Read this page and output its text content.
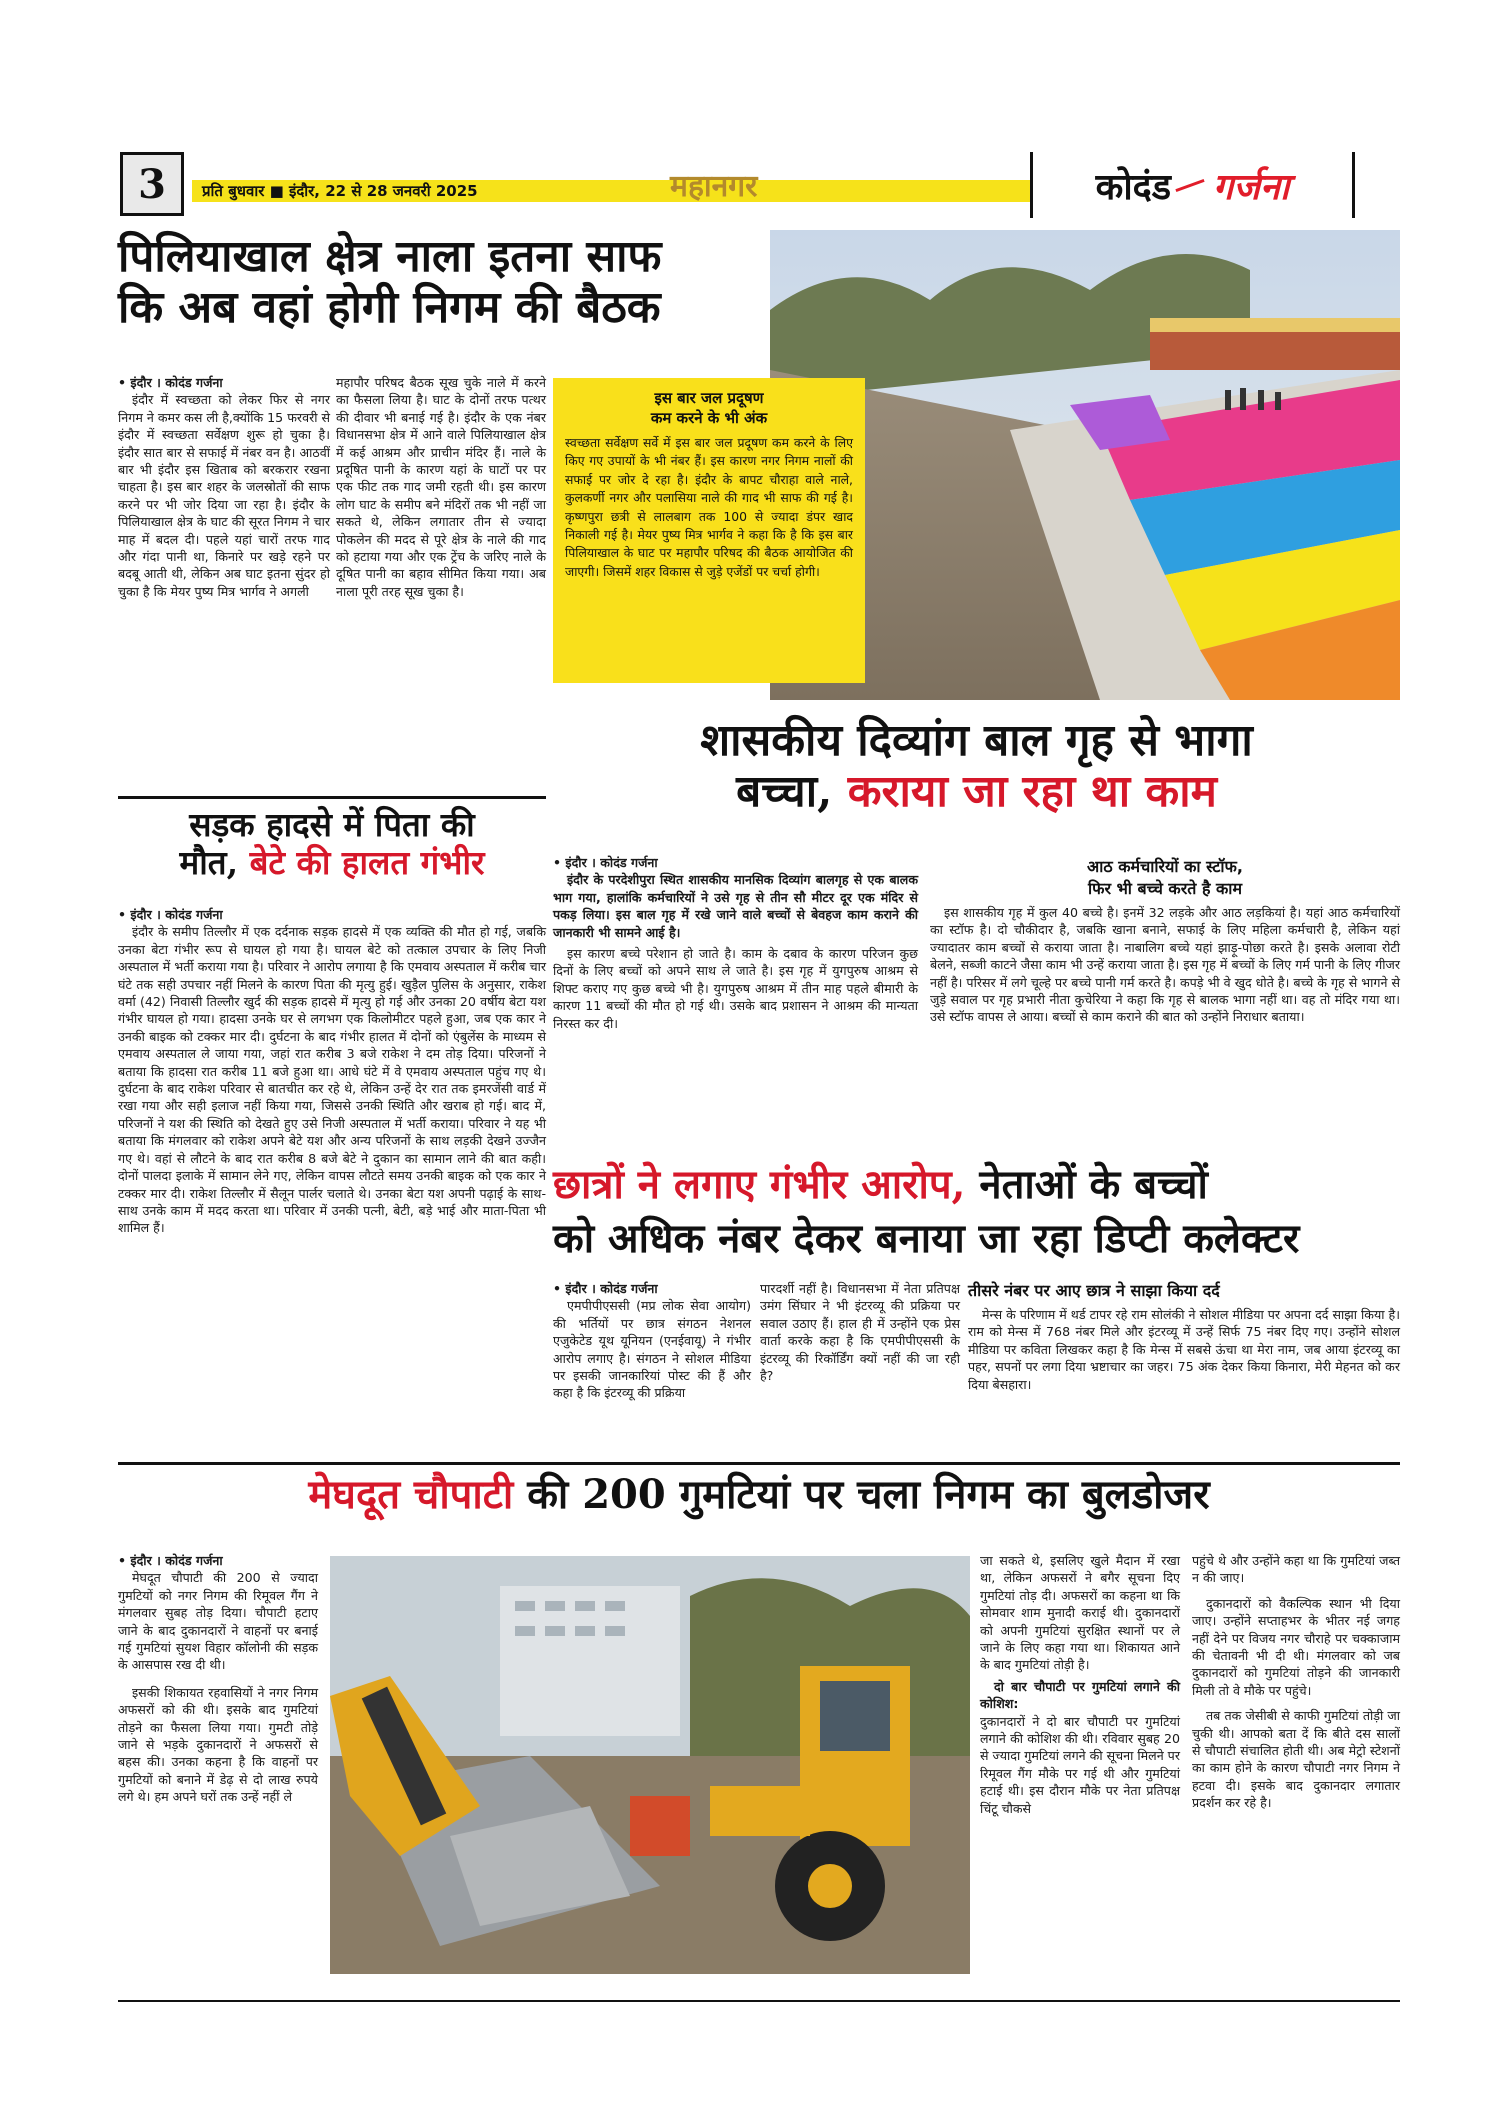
3	प्रति बुधवार ■ इंदौर, 22 से 28 जनवरी 2025	महानगर	कोदंड गर्जना
पिलियाखाल क्षेत्र नाला इतना साफ
कि अब वहां होगी निगम की बैठक

• इंदौर । कोदंड गर्जना

इंदौर में स्वच्छता को लेकर फिर से नगर निगम ने कमर कस ली है,क्योंकि 15 फरवरी से इंदौर में स्वच्छता सर्वेक्षण शुरू हो चुका है। इंदौर सात बार से सफाई में नंबर वन है। आठवीं बार भी इंदौर इस खिताब को बरकरार रखना चाहता है। इस बार शहर के जलस्रोतों की साफ करने पर भी जोर दिया जा रहा है। इंदौर के पिलियाखाल क्षेत्र के घाट की सूरत निगम ने चार माह में बदल दी। पहले यहां चारों तरफ गाद और गंदा पानी था, किनारे पर खड़े रहने पर बदबू आती थी, लेकिन अब घाट इतना सुंदर हो चुका है कि मेयर पुष्य मित्र भार्गव ने अगली

महापौर परिषद बैठक सूख चुके नाले में करने का फैसला लिया है। घाट के दोनों तरफ पत्थर की दीवार भी बनाई गई है। इंदौर के एक नंबर विधानसभा क्षेत्र में आने वाले पिलियाखाल क्षेत्र में कई आश्रम और प्राचीन मंदिर हैं। नाले के प्रदूषित पानी के कारण यहां के घाटों पर पर एक फीट तक गाद जमी रहती थी। इस कारण लोग घाट के समीप बने मंदिरों तक भी नहीं जा सकते थे, लेकिन लगातार तीन से ज्यादा पोकलेन की मदद से पूरे क्षेत्र के नाले की गाद को हटाया गया और एक ट्रेंच के जरिए नाले के दूषित पानी का बहाव सीमित किया गया। अब नाला पूरी तरह सूख चुका है।

इस बार जल प्रदूषण
कम करने के भी अंक
स्वच्छता सर्वेक्षण सर्वे में इस बार जल प्रदूषण कम करने के लिए किए गए उपायों के भी नंबर हैं। इस कारण नगर निगम नालों की सफाई पर जोर दे रहा है। इंदौर के बापट चौराहा वाले नाले, कुलकर्णी नगर और पलासिया नाले की गाद भी साफ की गई है। कृष्णपुरा छत्री से लालबाग तक 100 से ज्यादा डंपर खाद निकाली गई है। मेयर पुष्य मित्र भार्गव ने कहा कि है कि इस बार पिलियाखाल के घाट पर महापौर परिषद की बैठक आयोजित की जाएगी। जिसमें शहर विकास से जुड़े एजेंडों पर चर्चा होगी।
शासकीय दिव्यांग बाल गृह से भागा
बच्चा, कराया जा रहा था काम
सड़क हादसे में पिता की
मौत, बेटे की हालत गंभीर

• इंदौर । कोदंड गर्जना

इंदौर के समीप तिल्लौर में एक दर्दनाक सड़क हादसे में एक व्यक्ति की मौत हो गई, जबकि उनका बेटा गंभीर रूप से घायल हो गया है। घायल बेटे को तत्काल उपचार के लिए निजी अस्पताल में भर्ती कराया गया है। परिवार ने आरोप लगाया है कि एमवाय अस्पताल में करीब चार घंटे तक सही उपचार नहीं मिलने के कारण पिता की मृत्यु हुई। खुड़ैल पुलिस के अनुसार, राकेश वर्मा (42) निवासी तिल्लौर खुर्द की सड़क हादसे में मृत्यु हो गई और उनका 20 वर्षीय बेटा यश गंभीर घायल हो गया। हादसा उनके घर से लगभग एक किलोमीटर पहले हुआ, जब एक कार ने उनकी बाइक को टक्कर मार दी। दुर्घटना के बाद गंभीर हालत में दोनों को एंबुलेंस के माध्यम से एमवाय अस्पताल ले जाया गया, जहां रात करीब 3 बजे राकेश ने दम तोड़ दिया। परिजनों ने बताया कि हादसा रात करीब 11 बजे हुआ था। आधे घंटे में वे एमवाय अस्पताल पहुंच गए थे। दुर्घटना के बाद राकेश परिवार से बातचीत कर रहे थे, लेकिन उन्हें देर रात तक इमरजेंसी वार्ड में रखा गया और सही इलाज नहीं किया गया, जिससे उनकी स्थिति और खराब हो गई। बाद में, परिजनों ने यश की स्थिति को देखते हुए उसे निजी अस्पताल में भर्ती कराया। परिवार ने यह भी बताया कि मंगलवार को राकेश अपने बेटे यश और अन्य परिजनों के साथ लड़की देखने उज्जैन गए थे। वहां से लौटने के बाद रात करीब 8 बजे बेटे ने दुकान का सामान लाने की बात कही। दोनों पालदा इलाके में सामान लेने गए, लेकिन वापस लौटते समय उनकी बाइक को एक कार ने टक्कर मार दी। राकेश तिल्लौर में सैलून पार्लर चलाते थे। उनका बेटा यश अपनी पढ़ाई के साथ-साथ उनके काम में मदद करता था। परिवार में उनकी पत्नी, बेटी, बड़े भाई और माता-पिता भी शामिल हैं।

• इंदौर । कोदंड गर्जना

इंदौर के परदेशीपुरा स्थित शासकीय मानसिक दिव्यांग बालगृह से एक बालक भाग गया, हालांकि कर्मचारियों ने उसे गृह से तीन सौ मीटर दूर एक मंदिर से पकड़ लिया। इस बाल गृह में रखे जाने वाले बच्चों से बेवहज काम कराने की जानकारी भी सामने आई है।

इस कारण बच्चे परेशान हो जाते है। काम के दबाव के कारण परिजन कुछ दिनों के लिए बच्चों को अपने साथ ले जाते है। इस गृह में युगपुरुष आश्रम से शिफ्ट कराए गए कुछ बच्चे भी है। युगपुरुष आश्रम में तीन माह पहले बीमारी के कारण 11 बच्चों की मौत हो गई थी। उसके बाद प्रशासन ने आश्रम की मान्यता निरस्त कर दी।

आठ कर्मचारियों का स्टॉफ,
फिर भी बच्चे करते है काम

इस शासकीय गृह में कुल 40 बच्चे है। इनमें 32 लड़के और आठ लड़कियां है। यहां आठ कर्मचारियों का स्टॉफ है। दो चौकीदार है, जबकि खाना बनाने, सफाई के लिए महिला कर्मचारी है, लेकिन यहां ज्यादातर काम बच्चों से कराया जाता है। नाबालिग बच्चे यहां झाड़ू-पोछा करते है। इसके अलावा रोटी बेलने, सब्जी काटने जैसा काम भी उन्हें कराया जाता है। इस गृह में बच्चों के लिए गर्म पानी के लिए गीजर नहीं है। परिसर में लगे चूल्हे पर बच्चे पानी गर्म करते है। कपड़े भी वे खुद धोते है। बच्चे के गृह से भागने से जुड़े सवाल पर गृह प्रभारी नीता कुचेरिया ने कहा कि गृह से बालक भागा नहीं था। वह तो मंदिर गया था। उसे स्टॉफ वापस ले आया। बच्चों से काम कराने की बात को उन्होंने निराधार बताया।

छात्रों ने लगाए गंभीर आरोप, नेताओं के बच्चों
को अधिक नंबर देकर बनाया जा रहा डिप्टी कलेक्टर

• इंदौर । कोदंड गर्जना

एमपीपीएससी (मप्र लोक सेवा आयोग) की भर्तियों पर छात्र संगठन नेशनल एजुकेटेड यूथ यूनियन (एनईवायू) ने गंभीर आरोप लगाए है। संगठन ने सोशल मीडिया पर इसकी जानकारियां पोस्ट की हैं और कहा है कि इंटरव्यू की प्रक्रिया

पारदर्शी नहीं है। विधानसभा में नेता प्रतिपक्ष उमंग सिंघार ने भी इंटरव्यू की प्रक्रिया पर सवाल उठाए हैं। हाल ही में उन्होंने एक प्रेस वार्ता करके कहा है कि एमपीपीएससी के इंटरव्यू की रिकॉर्डिंग क्यों नहीं की जा रही है?

तीसरे नंबर पर आए छात्र ने साझा किया दर्द

मेन्स के परिणाम में थर्ड टापर रहे राम सोलंकी ने सोशल मीडिया पर अपना दर्द साझा किया है। राम को मेन्स में 768 नंबर मिले और इंटरव्यू में उन्हें सिर्फ 75 नंबर दिए गए। उन्होंने सोशल मीडिया पर कविता लिखकर कहा है कि मेन्स में सबसे ऊंचा था मेरा नाम, जब आया इंटरव्यू का पहर, सपनों पर लगा दिया भ्रष्टाचार का जहर। 75 अंक देकर किया किनारा, मेरी मेहनत को कर दिया बेसहारा।

मेघदूत चौपाटी की 200 गुमटियां पर चला निगम का बुलडोजर

• इंदौर । कोदंड गर्जना

मेघदूत चौपाटी की 200 से ज्यादा गुमटियों को नगर निगम की रिमूवल गैंग ने मंगलवार सुबह तोड़ दिया। चौपाटी हटाए जाने के बाद दुकानदारों ने वाहनों पर बनाई गई गुमटियां सुयश विहार कॉलोनी की सड़क के आसपास रख दी थी।

इसकी शिकायत रहवासियों ने नगर निगम अफसरों को की थी। इसके बाद गुमटियां तोड़ने का फैसला लिया गया। गुमटी तोड़े जाने से भड़के दुकानदारों ने अफसरों से बहस की। उनका कहना है कि वाहनों पर गुमटियों को बनाने में डेढ़ से दो लाख रुपये लगे थे। हम अपने घरों तक उन्हें नहीं ले

जा सकते थे, इसलिए खुले मैदान में रखा था, लेकिन अफसरों ने बगैर सूचना दिए गुमटियां तोड़ दी। अफसरों का कहना था कि सोमवार शाम मुनादी कराई थी। दुकानदारों को अपनी गुमटियां सुरक्षित स्थानों पर ले जाने के लिए कहा गया था। शिकायत आने के बाद गुमटियां तोड़ी है।

दो बार चौपाटी पर गुमटियां लगाने की कोशिश:

दुकानदारों ने दो बार चौपाटी पर गुमटियां लगाने की कोशिश की थी। रविवार सुबह 20 से ज्यादा गुमटियां लगने की सूचना मिलने पर रिमूवल गैंग मौके पर गई थी और गुमटियां हटाई थी। इस दौरान मौके पर नेता प्रतिपक्ष चिंटू चौकसे

पहुंचे थे और उन्होंने कहा था कि गुमटियां जब्त न की जाए।

दुकानदारों को वैकल्पिक स्थान भी दिया जाए। उन्होंने सप्ताहभर के भीतर नई जगह नहीं देने पर विजय नगर चौराहे पर चक्काजाम की चेतावनी भी दी थी। मंगलवार को जब दुकानदारों को गुमटियां तोड़ने की जानकारी मिली तो वे मौके पर पहुंचे।

तब तक जेसीबी से काफी गुमटियां तोड़ी जा चुकी थी। आपको बता दें कि बीते दस सालों से चौपाटी संचालित होती थी। अब मेट्रो स्टेशनों का काम होने के कारण चौपाटी नगर निगम ने हटवा दी। इसके बाद दुकानदार लगातार प्रदर्शन कर रहे है।
